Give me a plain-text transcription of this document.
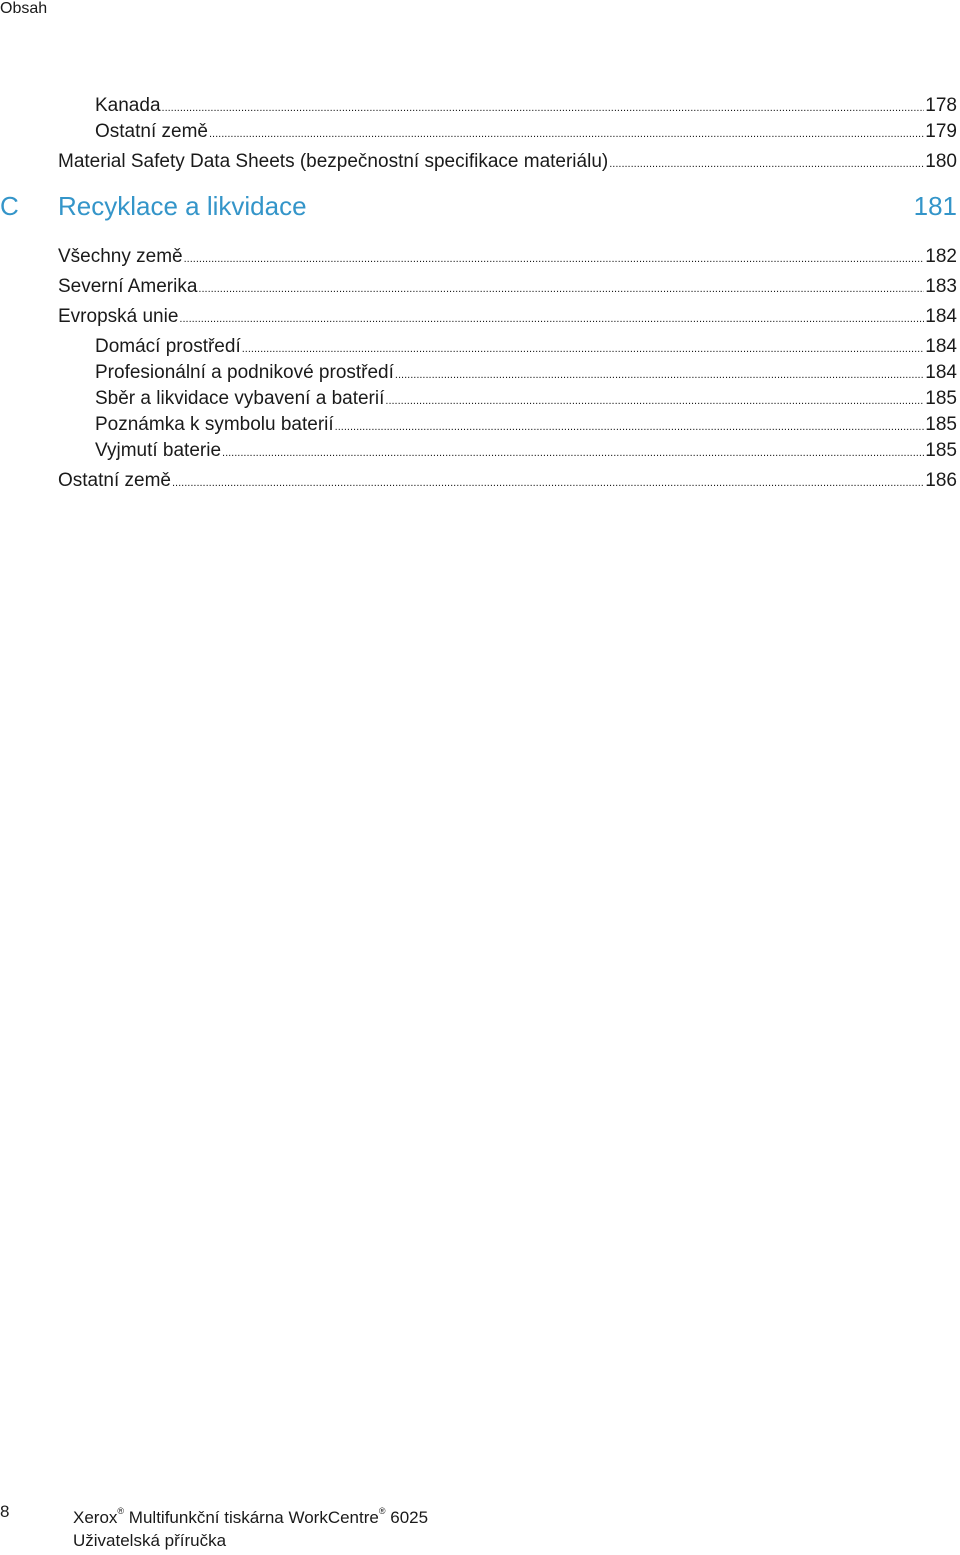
Obsah
Kanada .....	178
Ostatní země .....	179
Material Safety Data Sheets (bezpečnostní specifikace materiálu) .....	180
C	Recyklace a likvidace	181
Všechny země .....	182
Severní Amerika .....	183
Evropská unie .....	184
Domácí prostředí .....	184
Profesionální a podnikové prostředí .....	184
Sběr a likvidace vybavení a baterií .....	185
Poznámka k symbolu baterií .....	185
Vyjmutí baterie .....	185
Ostatní země .....	186
8	Xerox® Multifunkční tiskárna WorkCentre® 6025
Uživatelská příručka
